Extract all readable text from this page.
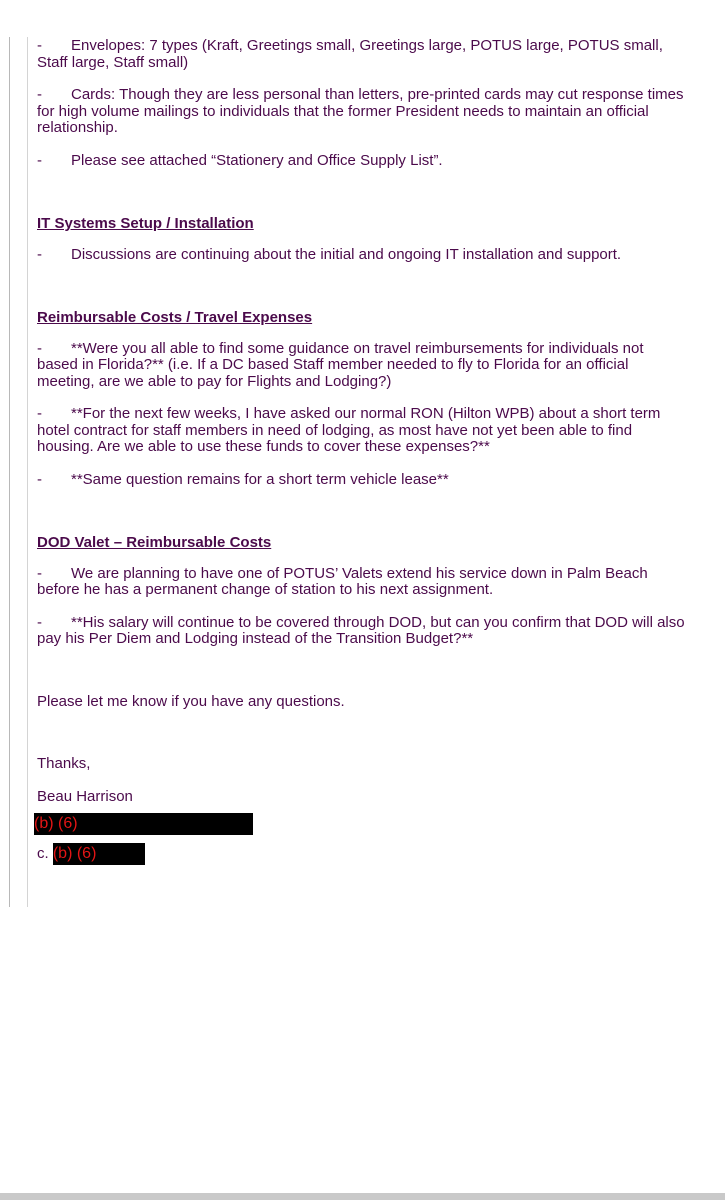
- Envelopes: 7 types (Kraft, Greetings small, Greetings large, POTUS large, POTUS small, Staff large, Staff small)

- Cards: Though they are less personal than letters, pre-printed cards may cut response times for high volume mailings to individuals that the former President needs to maintain an official relationship.

- Please see attached “Stationery and Office Supply List”.

IT Systems Setup / Installation

- Discussions are continuing about the initial and ongoing IT installation and support.

Reimbursable Costs / Travel Expenses

- **Were you all able to find some guidance on travel reimbursements for individuals not based in Florida?** (i.e. If a DC based Staff member needed to fly to Florida for an official meeting, are we able to pay for Flights and Lodging?)

- **For the next few weeks, I have asked our normal RON (Hilton WPB) about a short term hotel contract for staff members in need of lodging, as most have not yet been able to find housing. Are we able to use these funds to cover these expenses?**

- **Same question remains for a short term vehicle lease**

DOD Valet – Reimbursable Costs

- We are planning to have one of POTUS’ Valets extend his service down in Palm Beach before he has a permanent change of station to his next assignment.

- **His salary will continue to be covered through DOD, but can you confirm that DOD will also pay his Per Diem and Lodging instead of the Transition Budget?**

Please let me know if you have any questions.

Thanks,

Beau Harrison

(b) (6)

c. (b) (6)
